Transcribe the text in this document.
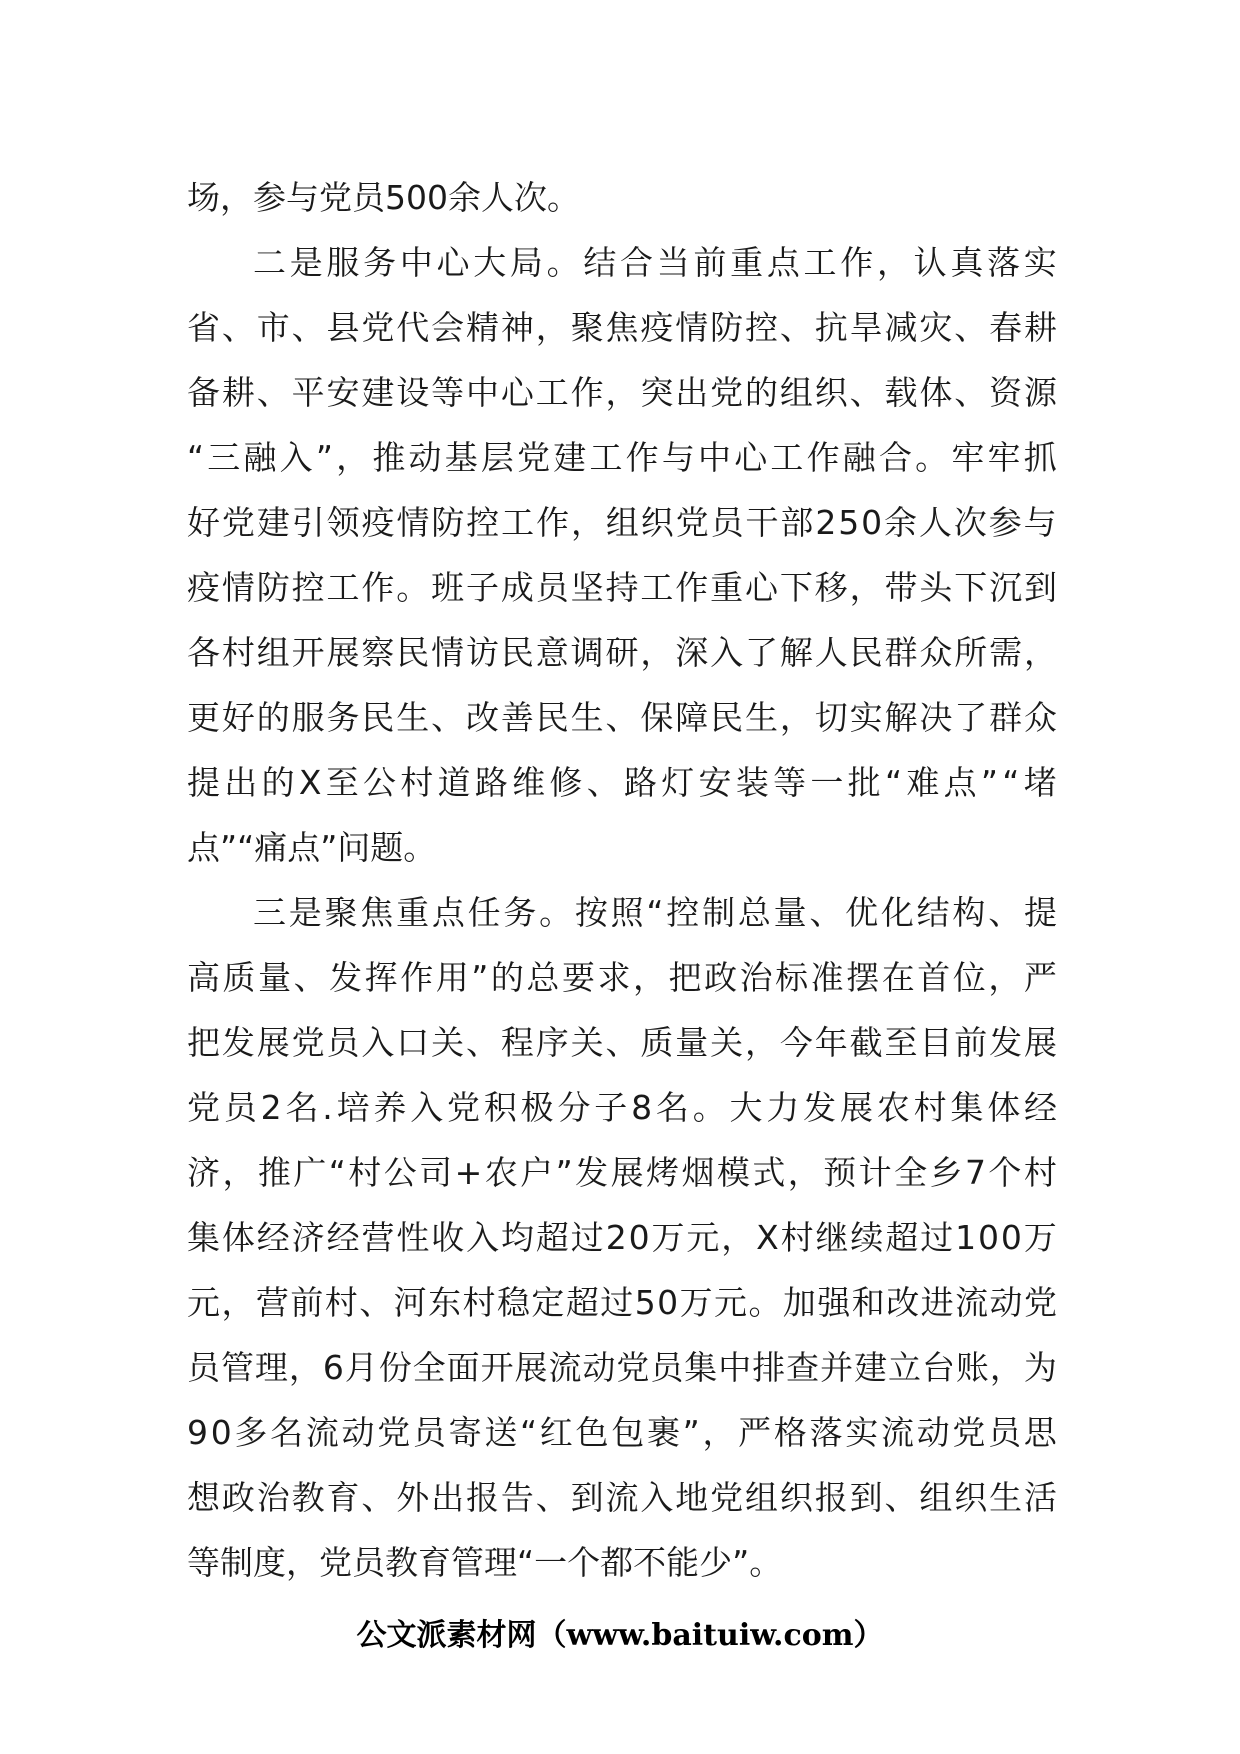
场，参与党员500余人次。
二 是 服 务 中 心 大 局 。 结 合 当 前 重 点 工 作 ， 认 真 落 实
省 、 市 、 县 党 代 会 精 神 ， 聚 焦 疫 情 防 控 、 抗 旱 减 灾 、 春 耕
备 耕 、 平 安 建 设 等 中 心 工 作 ， 突 出 党 的 组 织 、 载 体 、 资 源
“ 三 融 入 ” ， 推 动 基 层 党 建 工 作 与 中 心 工 作 融 合 。 牢 牢 抓
好 党 建 引 领 疫 情 防 控 工 作 ， 组 织 党 员 干 部 2 5 0 余 人 次 参 与
疫 情 防 控 工 作 。 班 子 成 员 坚 持 工 作 重 心 下 移 ， 带 头 下 沉 到
各 村 组 开 展 察 民 情 访 民 意 调 研 ， 深 入 了 解 人 民 群 众 所 需 ，
更 好 的 服 务 民 生 、 改 善 民 生 、 保 障 民 生 ， 切 实 解 决 了 群 众
提 出 的 X 至 公 村 道 路 维 修 、 路 灯 安 装 等 一 批 “ 难 点 ” “ 堵
点”“痛点”问题。
三 是 聚 焦 重 点 任 务 。 按 照 “ 控 制 总 量 、 优 化 结 构 、 提
高 质 量 、 发 挥 作 用 ” 的 总 要 求 ， 把 政 治 标 准 摆 在 首 位 ， 严
把 发 展 党 员 入 口 关 、 程 序 关 、 质 量 关 ， 今 年 截 至 目 前 发 展
党 员 2 名 . 培 养 入 党 积 极 分 子 8 名 。 大 力 发 展 农 村 集 体 经
济 ， 推 广 “ 村 公 司 + 农 户 ” 发 展 烤 烟 模 式 ， 预 计 全 乡 7 个 村
集 体 经 济 经 营 性 收 入 均 超 过 2 0 万 元 ， X 村 继 续 超 过 1 0 0 万
元 ， 营 前 村 、 河 东 村 稳 定 超 过 5 0 万 元 。 加 强 和 改 进 流 动 党
员 管 理 ， 6 月 份 全 面 开 展 流 动 党 员 集 中 排 查 并 建 立 台 账 ， 为
9 0 多 名 流 动 党 员 寄 送 “ 红 色 包 裹 ” ， 严 格 落 实 流 动 党 员 思
想 政 治 教 育 、 外 出 报 告 、 到 流 入 地 党 组 织 报 到 、 组 织 生 活
等制度，党员教育管理“一个都不能少”。
公文派素材网（www.baituiw.com）
